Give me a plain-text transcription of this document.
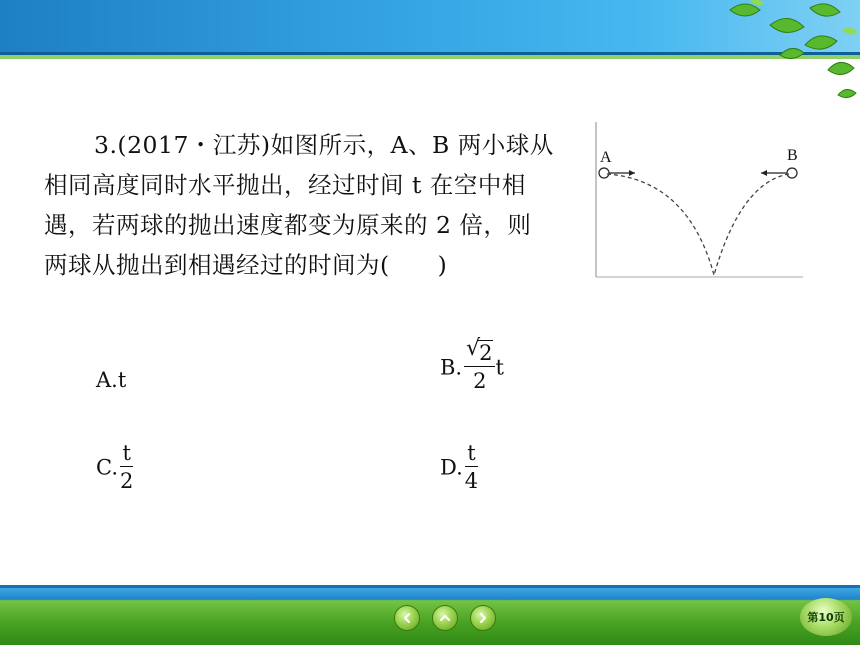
3.(2017・江苏)如图所示，A、B 两小球从
相同高度同时水平抛出，经过时间 t 在空中相
遇，若两球的抛出速度都变为原来的 2 倍，则
两球从抛出到相遇经过的时间为(　　)
A	B
A.t
B. √
2
2 t
C. $\frac{t}{2}$	D. $\frac{t}{4}$
第10页
